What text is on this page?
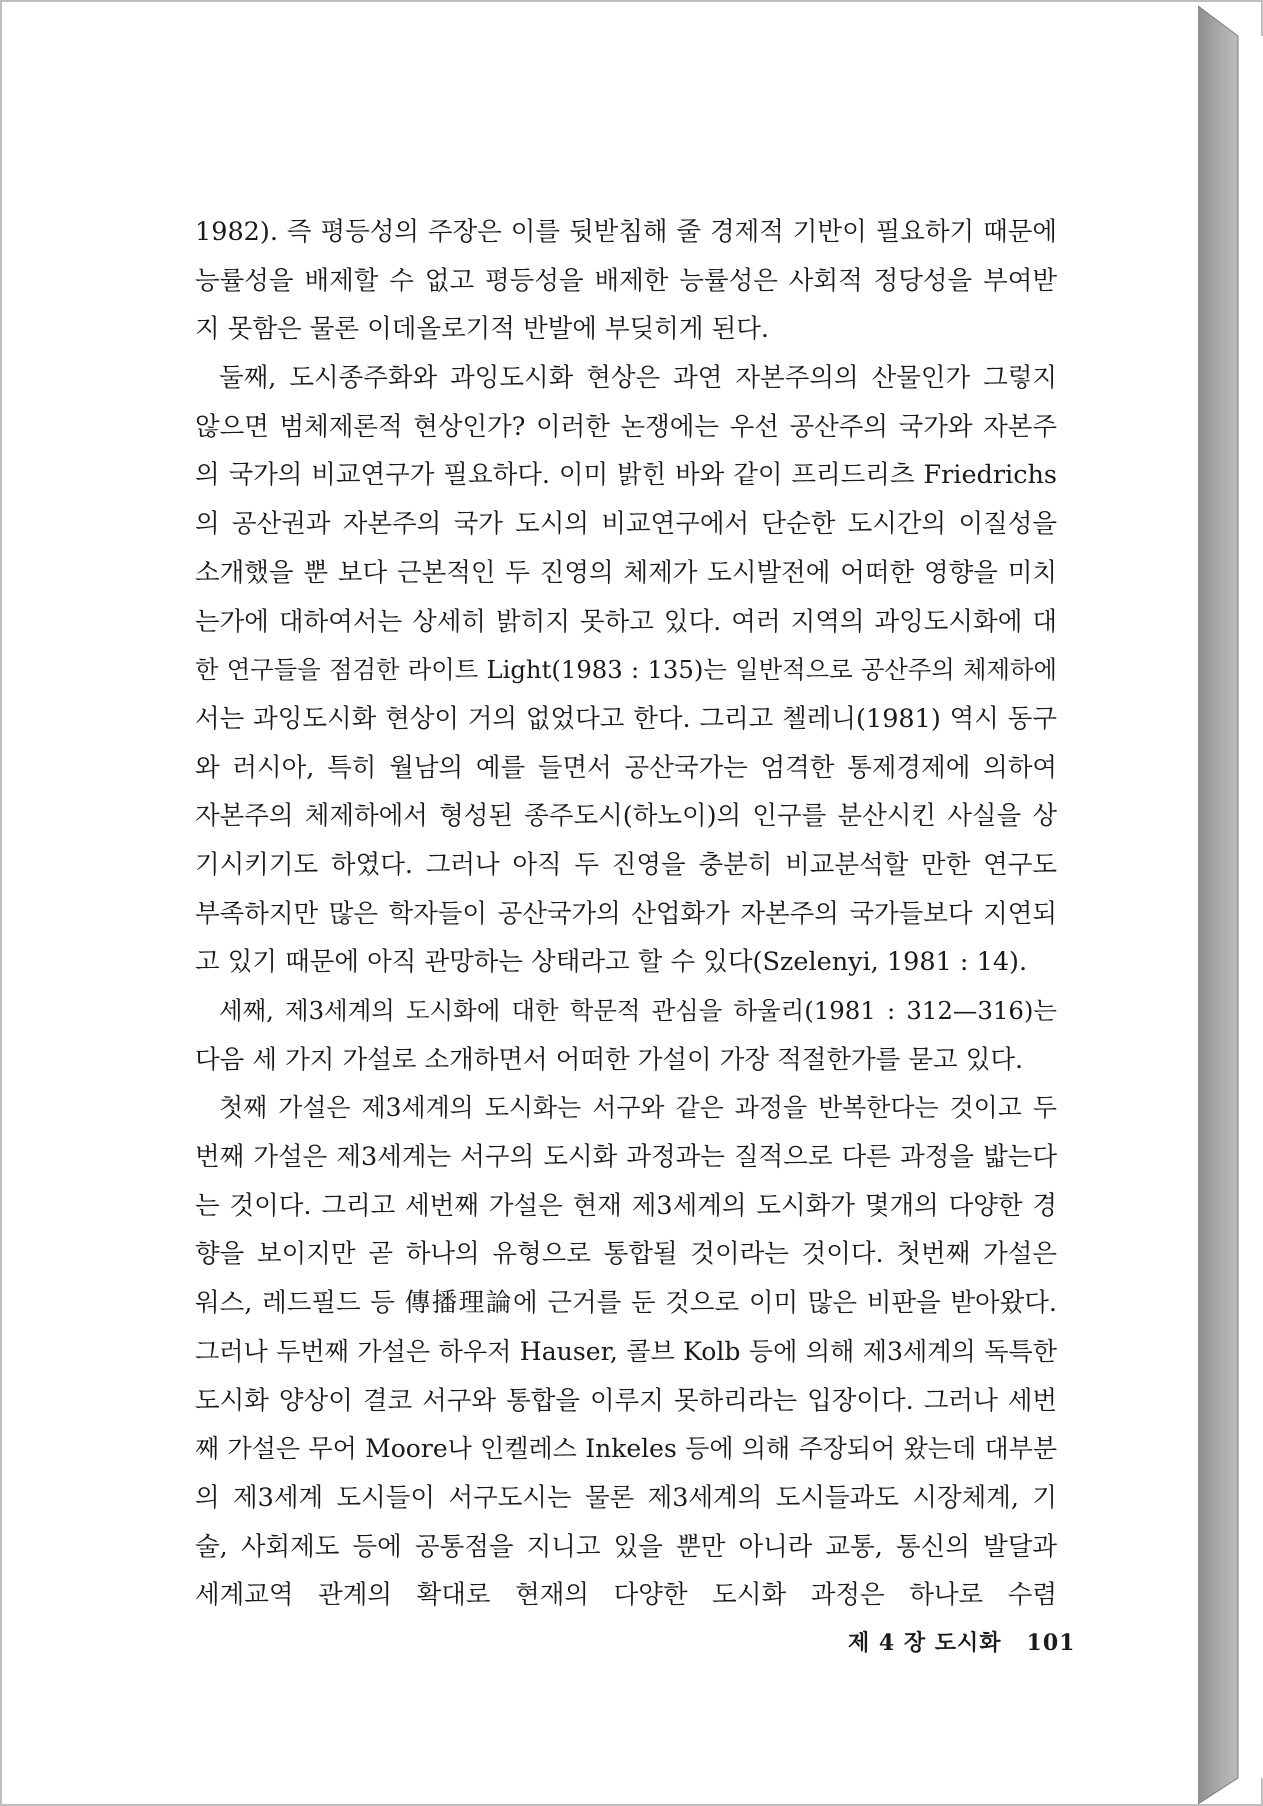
1982). 즉 평등성의 주장은 이를 뒷받침해 줄 경제적 기반이 필요하기 때문에
능률성을 배제할 수 없고 평등성을 배제한 능률성은 사회적 정당성을 부여받
지 못함은 물론 이데올로기적 반발에 부딪히게 된다.
둘째, 도시종주화와 과잉도시화 현상은 과연 자본주의의 산물인가 그렇지
않으면 범체제론적 현상인가? 이러한 논쟁에는 우선 공산주의 국가와 자본주
의 국가의 비교연구가 필요하다. 이미 밝힌 바와 같이 프리드리츠 Friedrichs
의 공산권과 자본주의 국가 도시의 비교연구에서 단순한 도시간의 이질성을
소개했을 뿐 보다 근본적인 두 진영의 체제가 도시발전에 어떠한 영향을 미치
는가에 대하여서는 상세히 밝히지 못하고 있다. 여러 지역의 과잉도시화에 대
한 연구들을 점검한 라이트 Light(1983 : 135)는 일반적으로 공산주의 체제하에
서는 과잉도시화 현상이 거의 없었다고 한다. 그리고 첼레니(1981) 역시 동구
와 러시아, 특히 월남의 예를 들면서 공산국가는 엄격한 통제경제에 의하여
자본주의 체제하에서 형성된 종주도시(하노이)의 인구를 분산시킨 사실을 상
기시키기도 하였다. 그러나 아직 두 진영을 충분히 비교분석할 만한 연구도
부족하지만 많은 학자들이 공산국가의 산업화가 자본주의 국가들보다 지연되
고 있기 때문에 아직 관망하는 상태라고 할 수 있다(Szelenyi, 1981 : 14).
세째, 제3세계의 도시화에 대한 학문적 관심을 하울리(1981 : 312—316)는
다음 세 가지 가설로 소개하면서 어떠한 가설이 가장 적절한가를 묻고 있다.
첫째 가설은 제3세계의 도시화는 서구와 같은 과정을 반복한다는 것이고 두
번째 가설은 제3세계는 서구의 도시화 과정과는 질적으로 다른 과정을 밟는다
는 것이다. 그리고 세번째 가설은 현재 제3세계의 도시화가 몇개의 다양한 경
향을 보이지만 곧 하나의 유형으로 통합될 것이라는 것이다. 첫번째 가설은
워스, 레드필드 등 傳播理論에 근거를 둔 것으로 이미 많은 비판을 받아왔다.
그러나 두번째 가설은 하우저 Hauser, 콜브 Kolb 등에 의해 제3세계의 독특한
도시화 양상이 결코 서구와 통합을 이루지 못하리라는 입장이다. 그러나 세번
째 가설은 무어 Moore나 인켈레스 Inkeles 등에 의해 주장되어 왔는데 대부분
의 제3세계 도시들이 서구도시는 물론 제3세계의 도시들과도 시장체계, 기
술, 사회제도 등에 공통점을 지니고 있을 뿐만 아니라 교통, 통신의 발달과
세계교역 관계의 확대로 현재의 다양한 도시화 과정은 하나로 수렴
제 4 장 도시화 101
